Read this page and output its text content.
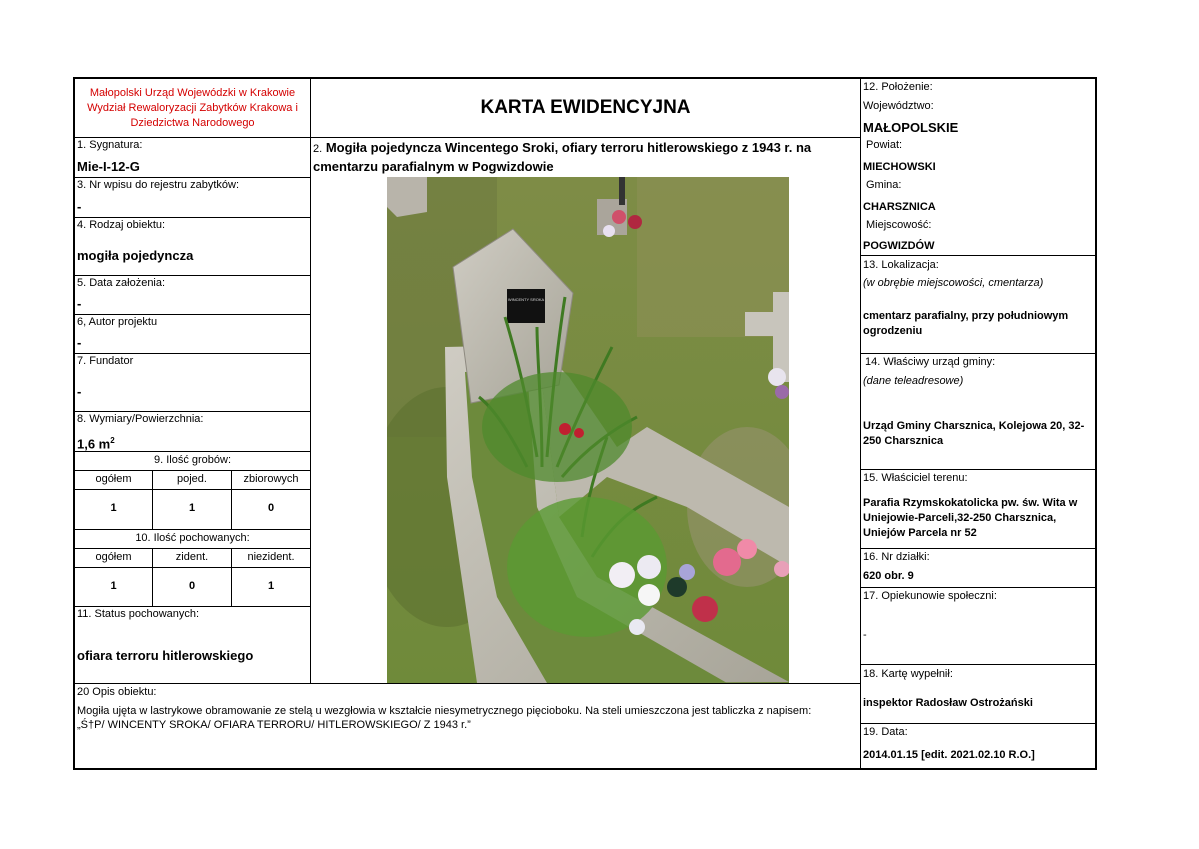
Małopolski Urząd Wojewódzki w Krakowie
Wydział Rewaloryzacji Zabytków Krakowa i
Dziedzictwa Narodowego
KARTA EWIDENCYJNA
1. Sygnatura:
Mie-I-12-G
3. Nr wpisu do rejestru zabytków:
-
4. Rodzaj obiektu:
mogiła pojedyncza
5. Data założenia:
-
6, Autor projektu
-
7. Fundator
-
8. Wymiary/Powierzchnia:
1,6 $m^2$
9. Ilość grobów:
ogółem	pojed.	zbiorowych
1	1	0
10. Ilość pochowanych:
ogółem	zident.	niezident.
1	0	1
11. Status pochowanych:
ofiara terroru hitlerowskiego
2. Mogiła pojedyncza Wincentego Sroki, ofiary terroru hitlerowskiego z 1943 r. na
cmentarzu parafialnym w Pogwizdowie
WINCENTY SROKA
12. Położenie:
Województwo:
MAŁOPOLSKIE
Powiat:
MIECHOWSKI
Gmina:
CHARSZNICA
Miejscowość:
POGWIZDÓW
13. Lokalizacja:
(w obrębie miejscowości, cmentarza)
cmentarz parafialny, przy południowym
ogrodzeniu
14. Właściwy urząd gminy:
(dane teleadresowe)
Urząd Gminy Charsznica, Kolejowa 20, 32-
250 Charsznica
15. Właściciel terenu:
Parafia Rzymskokatolicka pw. św. Wita w
Uniejowie-Parceli,32-250 Charsznica,
Uniejów Parcela nr 52
16. Nr działki:
620 obr. 9
17. Opiekunowie społeczni:
-
18. Kartę wypełnił:
inspektor Radosław Ostrożański
19. Data:
2014.01.15 [edit. 2021.02.10 R.O.]
20 Opis obiektu:
Mogiła ujęta w lastrykowe obramowanie ze stelą u wezgłowia w kształcie niesymetrycznego pięcioboku. Na steli umieszczona jest tabliczka z napisem:
„Ś†P/ WINCENTY SROKA/ OFIARA TERRORU/ HITLEROWSKIEGO/ Z 1943 r.”
